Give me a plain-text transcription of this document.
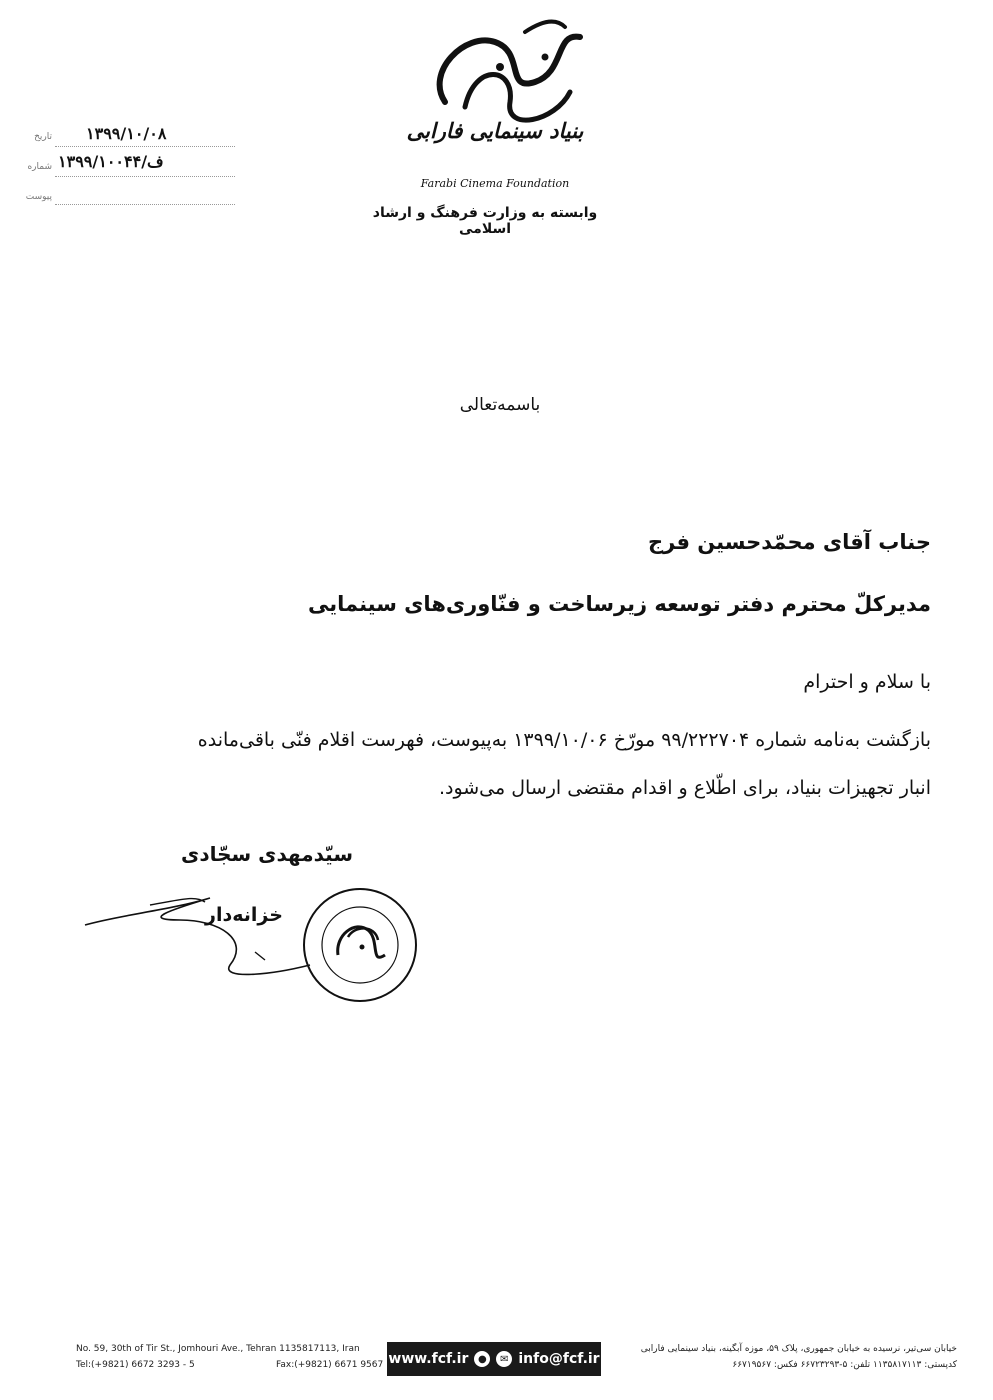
بنیاد سینمایی فارابی
Farabi Cinema Foundation
وابسته به وزارت فرهنگ و ارشاد اسلامی
تاریخ ۱۳۹۹/۱۰/۰۸
شماره ۱۳۹۹/ف/۱۰۰۴۴
پیوست
باسمه‌تعالی
جناب آقای محمّدحسین فرج
مدیرکلّ محترم دفتر توسعه زیرساخت و فنّاوری‌های سینمایی
با سلام و احترام
بازگشت به‌نامه شماره ۹۹/۲۲۲۷۰۴ مورّخ ۱۳۹۹/۱۰/۰۶ به‌پیوست، فهرست اقلام فنّی باقی‌مانده
انبار تجهیزات بنیاد، برای اطّلاع و اقدام مقتضی ارسال می‌شود.
سیّدمهدی سجّادی
خزانه‌دار
No. 59, 30th of Tir St., Jomhouri Ave., Tehran 1135817113, Iran
Tel:(+9821) 6672 3293 - 5	Fax:(+9821) 6671 9567 www.fcf.ir ●	✉ info@fcf.ir
خیابان سی‌تیر، نرسیده به خیابان جمهوری، پلاک ۵۹، موزه آبگینه، بنیاد سینمایی فارابی
کدپستی: ۱۱۳۵۸۱۷۱۱۳ تلفن: ۵-۶۶۷۲۳۲۹۳ فکس: ۶۶۷۱۹۵۶۷
